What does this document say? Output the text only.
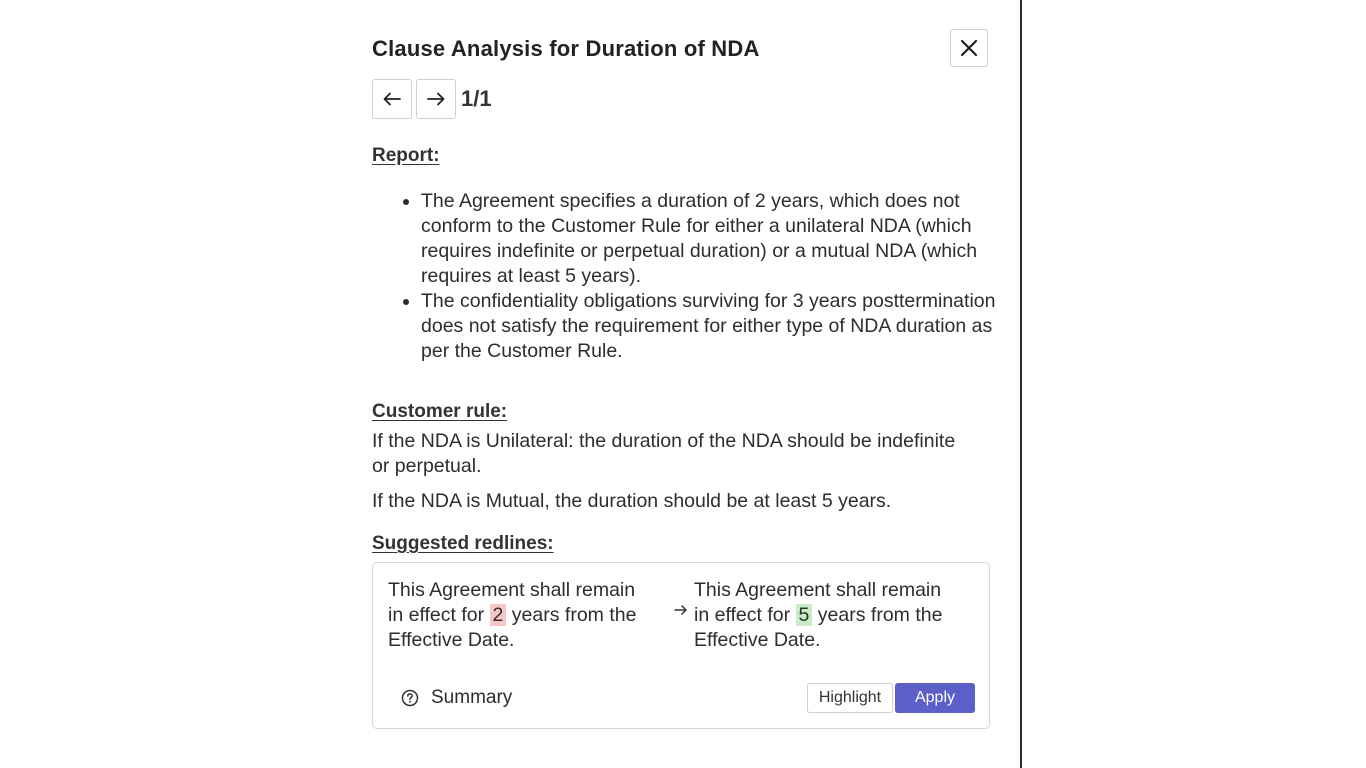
Clause Analysis for Duration of NDA
1/1
Report:
• The Agreement specifies a duration of 2 years, which does not conform to the Customer Rule for either a unilateral NDA (which requires indefinite or perpetual duration) or a mutual NDA (which requires at least 5 years).
• The confidentiality obligations surviving for 3 years posttermination does not satisfy the requirement for either type of NDA duration as per the Customer Rule.
Customer rule:

If the NDA is Unilateral: the duration of the NDA should be indefinite or perpetual.

If the NDA is Mutual, the duration should be at least 5 years.

Suggested redlines:
This Agreement shall remain in effect for 2 years from the Effective Date.
This Agreement shall remain in effect for 5 years from the Effective Date.
Summary	Highlight	Apply
